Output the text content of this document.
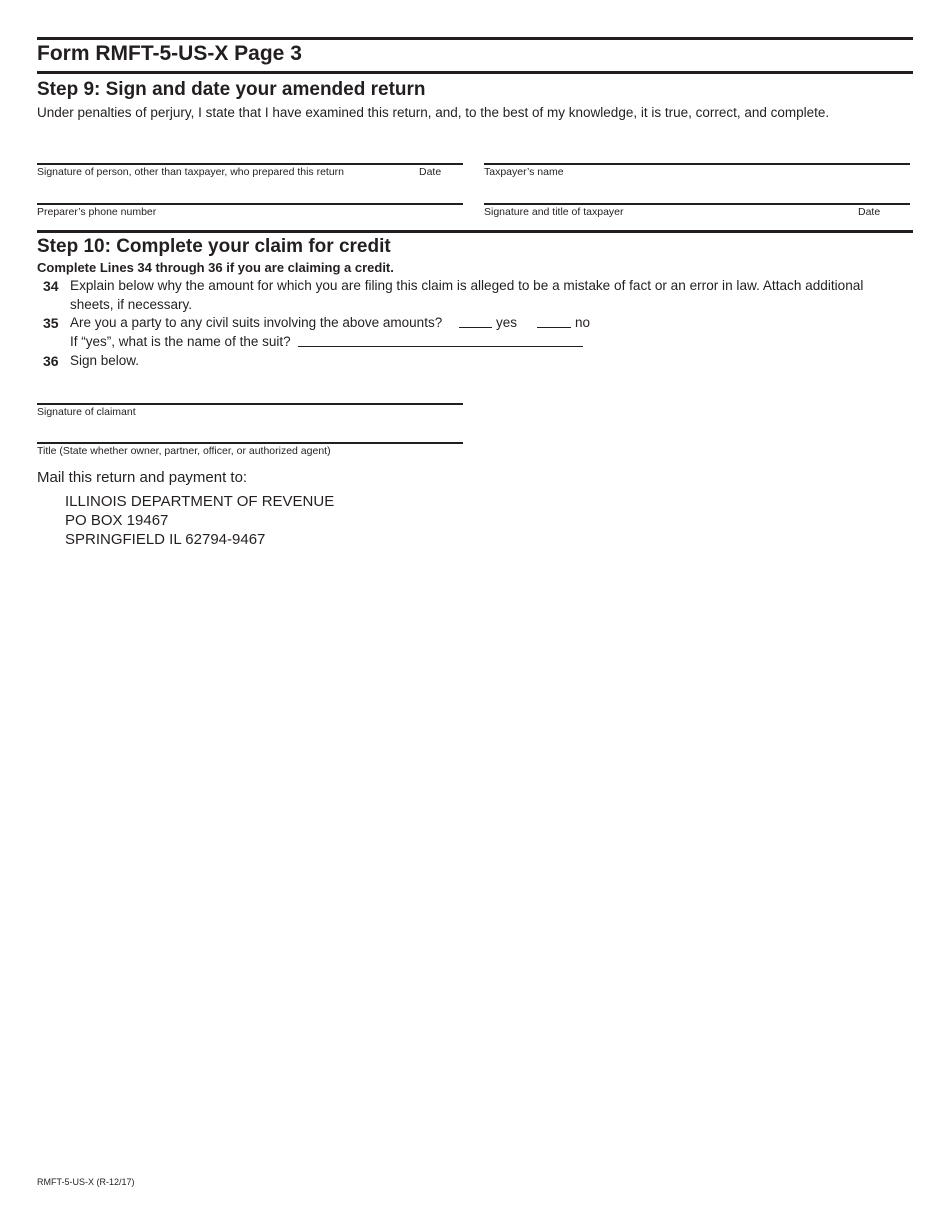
Form RMFT-5-US-X Page 3
Step 9: Sign and date your amended return
Under penalties of perjury, I state that I have examined this return, and, to the best of my knowledge, it is true, correct, and complete.
Signature of person, other than taxpayer, who prepared this return	Date	Taxpayer’s name
Preparer’s phone number	Signature and title of taxpayer	Date
Step 10: Complete your claim for credit
Complete Lines 34 through 36 if you are claiming a credit.
34 Explain below why the amount for which you are filing this claim is alleged to be a mistake of fact or an error in law. Attach additional
sheets, if necessary.
35 Are you a party to any civil suits involving the above amounts?	yes	no
If “yes”, what is the name of the suit?
36 Sign below.
Signature of claimant
Title (State whether owner, partner, officer, or authorized agent)
Mail this return and payment to:
ILLINOIS DEPARTMENT OF REVENUE
PO BOX 19467
SPRINGFIELD IL 62794-9467
RMFT-5-US-X (R-12/17)
